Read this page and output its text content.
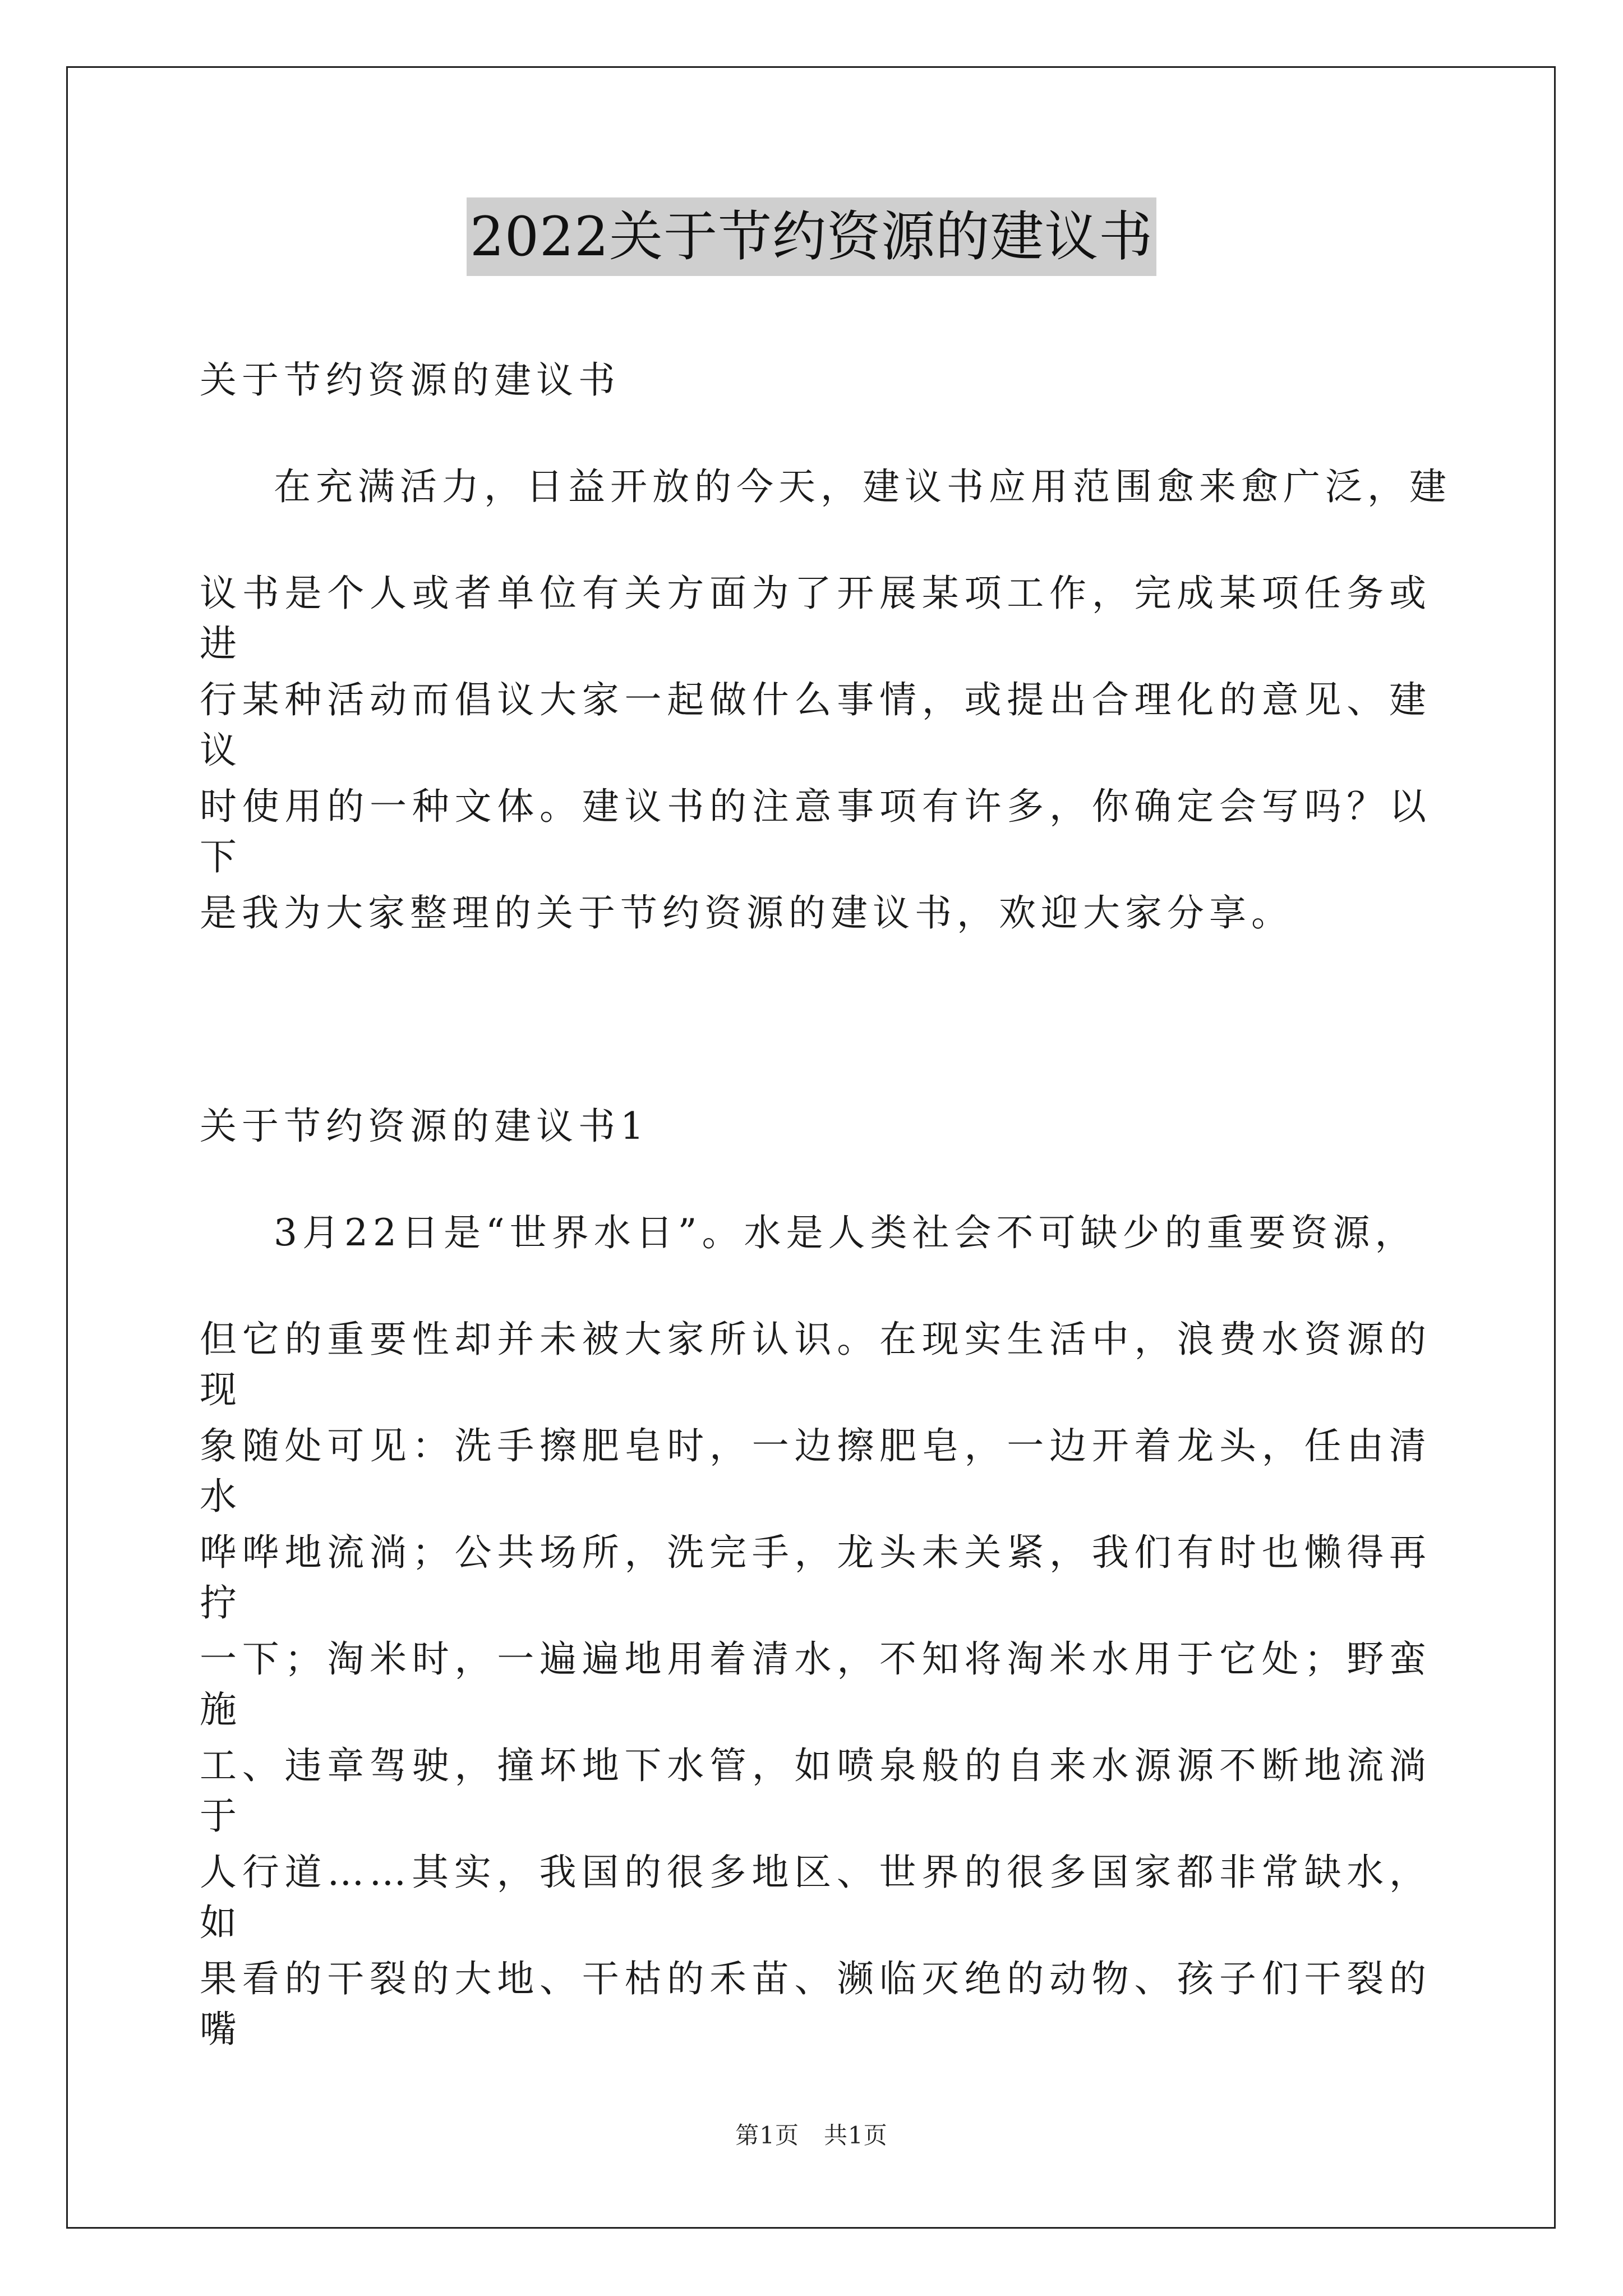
2022关于节约资源的建议书
关于节约资源的建议书
在充满活力，日益开放的今天，建议书应用范围愈来愈广泛，建
议书是个人或者单位有关方面为了开展某项工作，完成某项任务或进
行某种活动而倡议大家一起做什么事情，或提出合理化的意见、建议
时使用的一种文体。建议书的注意事项有许多，你确定会写吗？以下
是我为大家整理的关于节约资源的建议书，欢迎大家分享。
关于节约资源的建议书1
3月22日是“世界水日”。水是人类社会不可缺少的重要资源，
但它的重要性却并未被大家所认识。在现实生活中，浪费水资源的现
象随处可见：洗手擦肥皂时，一边擦肥皂，一边开着龙头，任由清水
哗哗地流淌；公共场所，洗完手，龙头未关紧，我们有时也懒得再拧
一下；淘米时，一遍遍地用着清水，不知将淘米水用于它处；野蛮施
工、违章驾驶，撞坏地下水管，如喷泉般的自来水源源不断地流淌于
人行道……其实，我国的很多地区、世界的很多国家都非常缺水，如
果看的干裂的大地、干枯的禾苗、濒临灭绝的动物、孩子们干裂的嘴
第1页 共1页
